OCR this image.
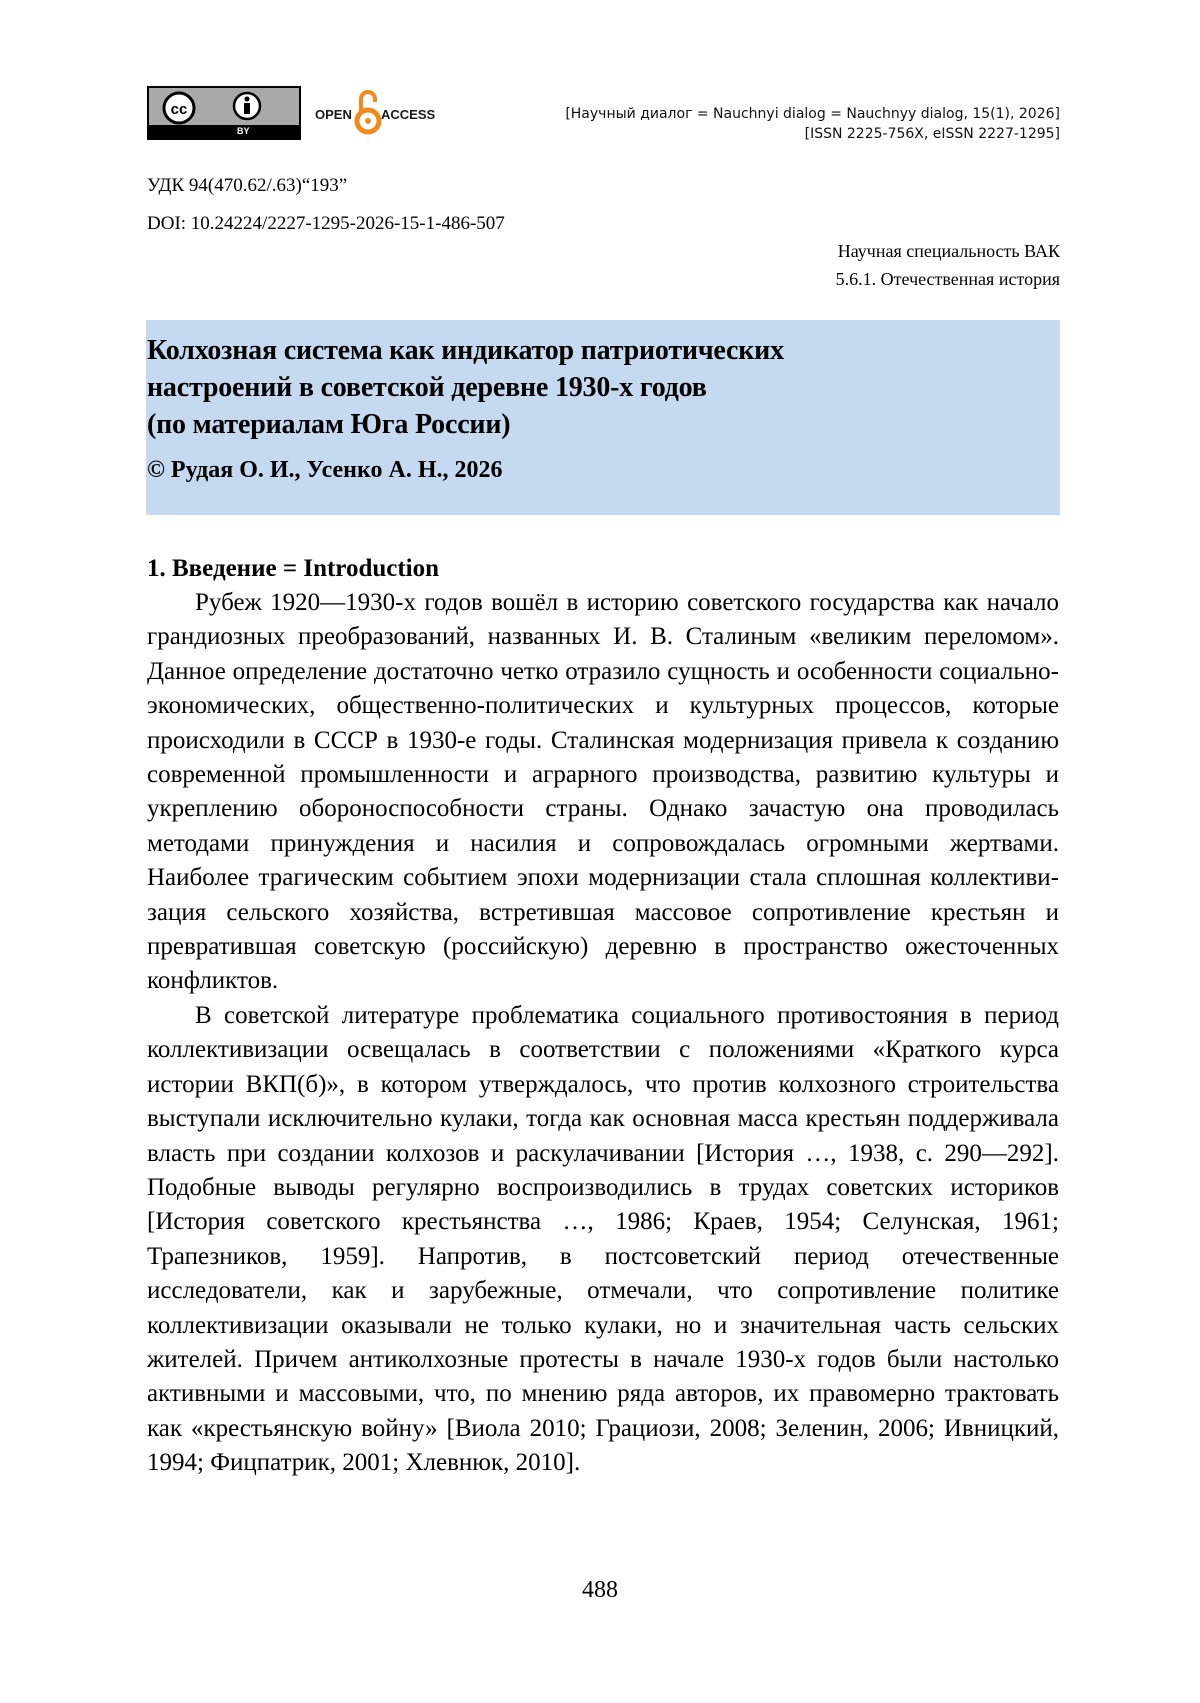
cc
BY
OPEN ACCESS	[Научный диалог = Nauchnyi dialog = Nauchnyy dialog, 15(1), 2026]
[ISSN 2225-756X, eISSN 2227-1295]
УДК 94(470.62/.63)“193”
DOI: 10.24224/2227-1295-2026-15-1-486-507
Научная специальность ВАК
5.6.1. Отечественная история
Колхозная система как индикатор патриотических
настроений в советской деревне 1930-х годов
(по материалам Юга России)
© Рудая О. И., Усенко А. Н., 2026
1. Введение = Introduction

Рубеж 1920—1930-х годов вошёл в историю советского государства как начало грандиозных преобразований, названных И. В. Сталиным «великим переломом». Данное определение достаточно четко отразило сущность и особенности социально-экономических, общественно-политических и культурных процессов, которые происходили в СССР в 1930-е годы. Сталинская модернизация привела к созданию современной промышленности и аграрного производства, развитию культуры и укреплению обороноспособности страны. Однако зачастую она проводилась методами принуждения и насилия и сопровождалась огромными жертвами. Наиболее трагическим событием эпохи модернизации стала сплошная коллективизация сельского хозяйства, встретившая массовое сопротивление крестьян и превратившая советскую (российскую) деревню в пространство ожесточенных конфликтов.

В советской литературе проблематика социального противостояния в период коллективизации освещалась в соответствии с положениями «Краткого курса истории ВКП(б)», в котором утверждалось, что против колхозного строительства выступали исключительно кулаки, тогда как основная масса крестьян поддерживала власть при создании колхозов и раскулачивании [История …, 1938, с. 290—292]. Подобные выводы регулярно воспроизводились в трудах советских историков [История советского крестьянства …, 1986; Краев, 1954; Селунская, 1961; Трапезников, 1959]. Напротив, в постсоветский период отечественные исследователи, как и зарубежные, отмечали, что сопротивление политике коллективизации оказывали не только кулаки, но и значительная часть сельских жителей. Причем антиколхозные протесты в начале 1930-х годов были настолько активными и массовыми, что, по мнению ряда авторов, их правомерно трактовать как «крестьянскую войну» [Виола 2010; Грациози, 2008; Зеленин, 2006; Ивницкий, 1994; Фицпатрик, 2001; Хлевнюк, 2010].

488
